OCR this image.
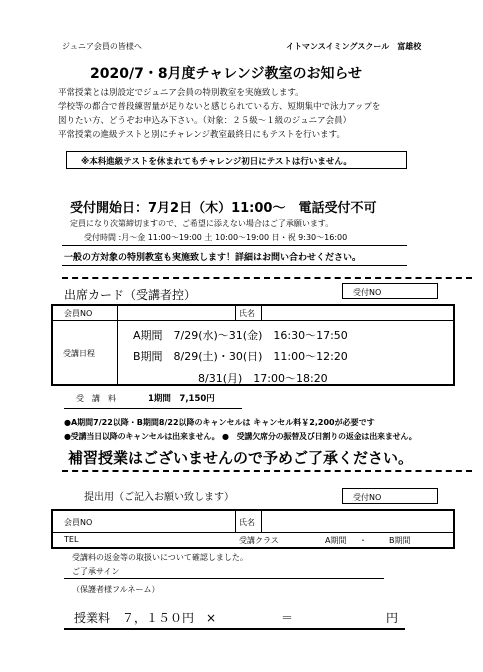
ジュニア会員の皆様へ	イトマンスイミングスクール　富雄校
2020/7・8月度チャレンジ教室のお知らせ
平常授業とは別設定でジュニア会員の特別教室を実施致します。
学校等の都合で普段練習量が足りないと感じられている方、短期集中で泳力アップを
図りたい方、どうぞお申込み下さい。（対象：２５級～１級のジュニア会員）
平常授業の進級テストと別にチャレンジ教室最終日にもテストを行います。
※本科進級テストを休まれてもチャレンジ初日にテストは行いません。
受付開始日：7月2日（木）11:00～　電話受付不可
定員になり次第締切ますので、ご希望に添えない場合はご了承願います。
受付時間 :月～金 11:00～19:00 土 10:00～19:00 日・祝 9:30～16:00
一般の方対象の特別教室も実施致します！詳細はお問い合わせください。
出席カード（受講者控）	受付NO
会員NO	氏名
受講日程
A期間　7/29(水)～31(金)　16:30～17:50
B期間　8/29(土)・30(日)　11:00～12:20
8/31(月)　17:00～18:20
受　講　料	1期間　7,150円
●A期間7/22以降・B期間8/22以降のキャンセルは キャンセル料￥2,200が必要です
●受講当日以降のキャンセルは出来ません。 ●　受講欠席分の振替及び日割りの返金は出来ません。
補習授業はございませんので予めご了承ください。
提出用（ご記入お願い致します）	受付NO
会員NO	氏名
TEL	受講クラス	A期間 ・	B期間
受講料の返金等の取扱いについて確認しました。
ご了承サイン
（保護者様フルネーム）
授業料　７，１５０円　×	＝	円
